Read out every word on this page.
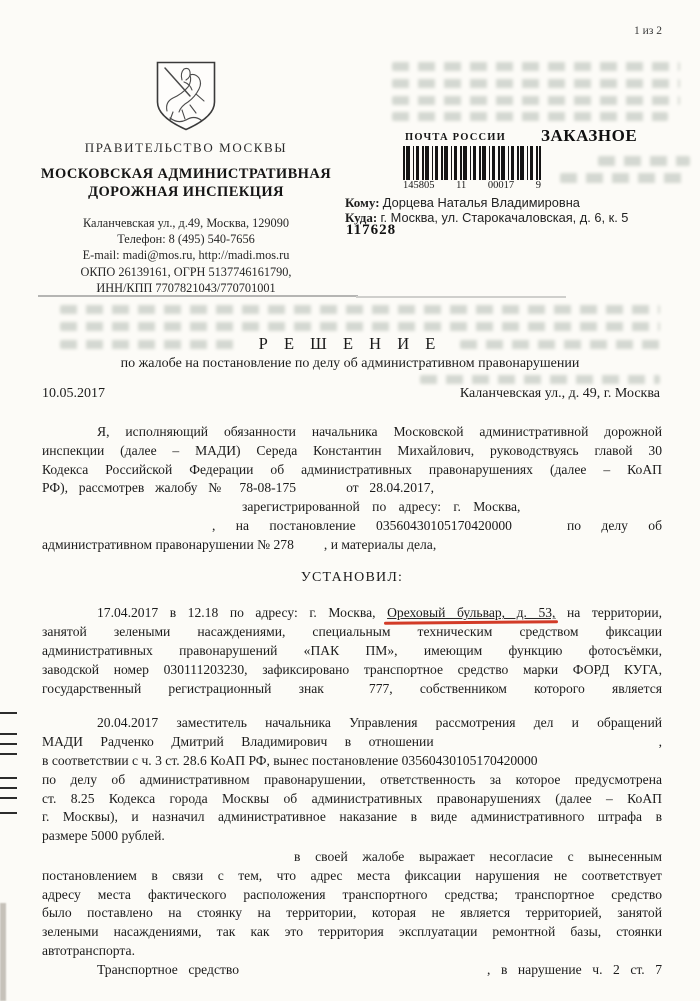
1 из 2
ПРАВИТЕЛЬСТВО МОСКВЫ
МОСКОВСКАЯ АДМИНИСТРАТИВНАЯ
ДОРОЖНАЯ ИНСПЕКЦИЯ
Каланчевская ул., д.49, Москва, 129090
Телефон: 8 (495) 540-7656
E-mail: madi@mos.ru, http://madi.mos.ru
ОКПО 26139161, ОГРН 5137746161790,
ИНН/КПП 7707821043/770701001
ПОЧТА РОССИИ ЗАКАЗНОЕ
145805 11 00017 9
Кому: Дорцева Наталья Владимировна
Куда: г. Москва, ул. Старокачаловская, д. 6, к. 5
117628
Р Е Ш Е Н И Е
по жалобе на постановление по делу об административном правонарушении
10.05.2017	Каланчевская ул., д. 49, г. Москва
Я, исполняющий обязанности начальника Московской административной дорожной
инспекции (далее – МАДИ) Середа Константин Михайлович, руководствуясь главой 30
Кодекса Российской Федерации об административных правонарушениях (далее – КоАП
РФ), рассмотрев жалобу № 78-08-175	от 28.04.2017,
зарегистрированной по адресу: г. Москва,
, на постановление 03560430105170420000	по делу об
административном правонарушении № 278 , и материалы дела,
УСТАНОВИЛ:
17.04.2017 в 12.18 по адресу: г. Москва, Ореховый бульвар, д. 53, на территории,
занятой зелеными насаждениями, специальным техническим средством фиксации
административных правонарушений «ПАК ПМ», имеющим функцию фотосъёмки,
заводской номер 030111203230, зафиксировано транспортное средство марки ФОРД КУГА,
государственный регистрационный знак	777, собственником которого является
20.04.2017 заместитель начальника Управления рассмотрения дел и обращений
МАДИ Радченко Дмитрий Владимирович в отношении	,
в соответствии с ч. 3 ст. 28.6 КоАП РФ, вынес постановление 03560430105170420000
по делу об административном правонарушении, ответственность за которое предусмотрена
ст. 8.25 Кодекса города Москвы об административных правонарушениях (далее – КоАП
г. Москвы), и назначил административное наказание в виде административного штрафа в
размере 5000 рублей.
в своей жалобе выражает несогласие с вынесенным
постановлением в связи с тем, что адрес места фиксации нарушения не соответствует
адресу места фактического расположения транспортного средства; транспортное средство
было поставлено на стоянку на территории, которая не является территорией, занятой
зелеными насаждениями, так как это территория эксплуатации ремонтной базы, стоянки
автотранспорта.
Транспортное средство	, в нарушение ч. 2 ст. 7
